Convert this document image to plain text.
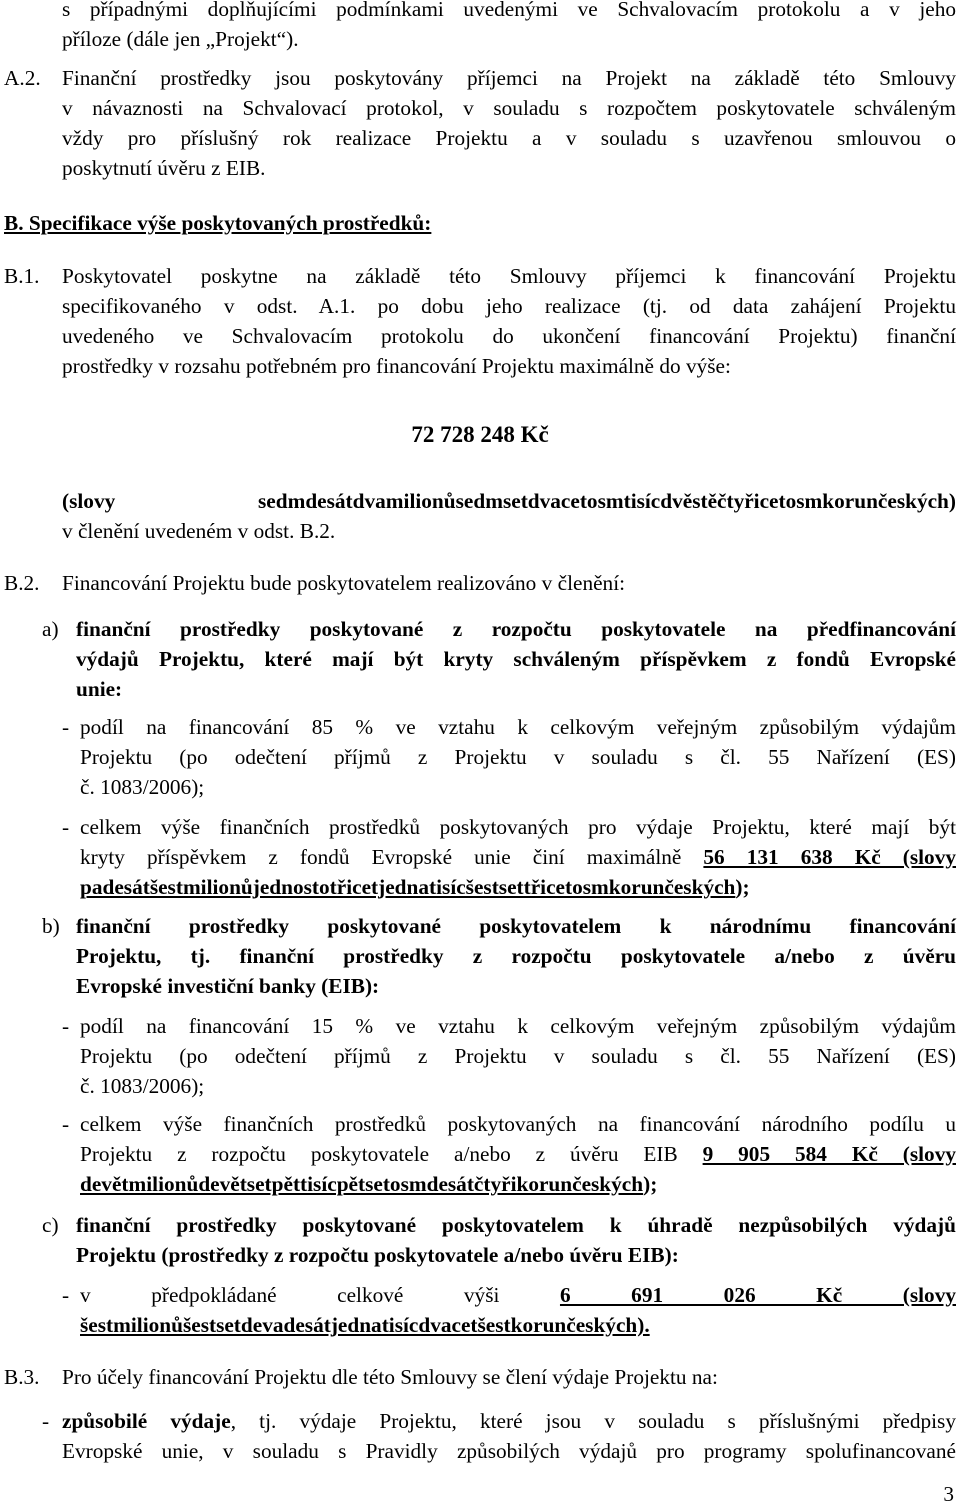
s případnými doplňujícími podmínkami uvedenými ve Schvalovacím protokolu a v jeho

příloze (dále jen „Projekt“).

A.2. Finanční prostředky jsou poskytovány příjemci na Projekt na základě této Smlouvy
v návaznosti na Schvalovací protokol, v souladu s rozpočtem poskytovatele schváleným
vždy pro příslušný rok realizace Projektu a v souladu s uzavřenou smlouvou o

poskytnutí úvěru z EIB.

B. Specifikace výše poskytovaných prostředků:

B.1. Poskytovatel poskytne na základě této Smlouvy příjemci k financování Projektu
specifikovaného v odst. A.1. po dobu jeho realizace (tj. od data zahájení Projektu
uvedeného ve Schvalovacím protokolu do ukončení financování Projektu) finanční

prostředky v rozsahu potřebném pro financování Projektu maximálně do výše:

72 728 248 Kč

(slovy sedmdesátdvamilionůsedmsetdvacetosmtisícdvěstěčtyřicetosmkorunčeských)

v členění uvedeném v odst. B.2.

B.2. Financování Projektu bude poskytovatelem realizováno v členění:

a) finanční prostředky poskytované z rozpočtu poskytovatele na předfinancování
výdajů Projektu, které mají být kryty schváleným příspěvkem z fondů Evropské

unie:

- podíl na financování 85 % ve vztahu k celkovým veřejným způsobilým výdajům
Projektu (po odečtení příjmů z Projektu v souladu s čl. 55 Nařízení (ES)

č. 1083/2006);

- celkem výše finančních prostředků poskytovaných pro výdaje Projektu, které mají být
kryty příspěvkem z fondů Evropské unie činí maximálně 56 131 638 Kč (slovy

padesátšestmilionůjednostotřicetjednatisícšestsettřicetosmkorunčeských);

b) finanční prostředky poskytované poskytovatelem k národnímu financování
Projektu, tj. finanční prostředky z rozpočtu poskytovatele a/nebo z úvěru

Evropské investiční banky (EIB):

- podíl na financování 15 % ve vztahu k celkovým veřejným způsobilým výdajům
Projektu (po odečtení příjmů z Projektu v souladu s čl. 55 Nařízení (ES)

č. 1083/2006);

- celkem výše finančních prostředků poskytovaných na financování národního podílu u
Projektu z rozpočtu poskytovatele a/nebo z úvěru EIB 9 905 584 Kč (slovy

devětmilionůdevětsetpěttisícpětsetosmdesátčtyřikorunčeských);

c) finanční prostředky poskytované poskytovatelem k úhradě nezpůsobilých výdajů

Projektu (prostředky z rozpočtu poskytovatele a/nebo úvěru EIB):

- v předpokládané celkové výši	6 691 026 Kč (slovy

šestmilionůšestsetdevadesátjednatisícdvacetšestkorunčeských).

B.3. Pro účely financování Projektu dle této Smlouvy se člení výdaje Projektu na:

- způsobilé výdaje, tj. výdaje Projektu, které jsou v souladu s příslušnými předpisy
Evropské unie, v souladu s Pravidly způsobilých výdajů pro programy spolufinancované

3
